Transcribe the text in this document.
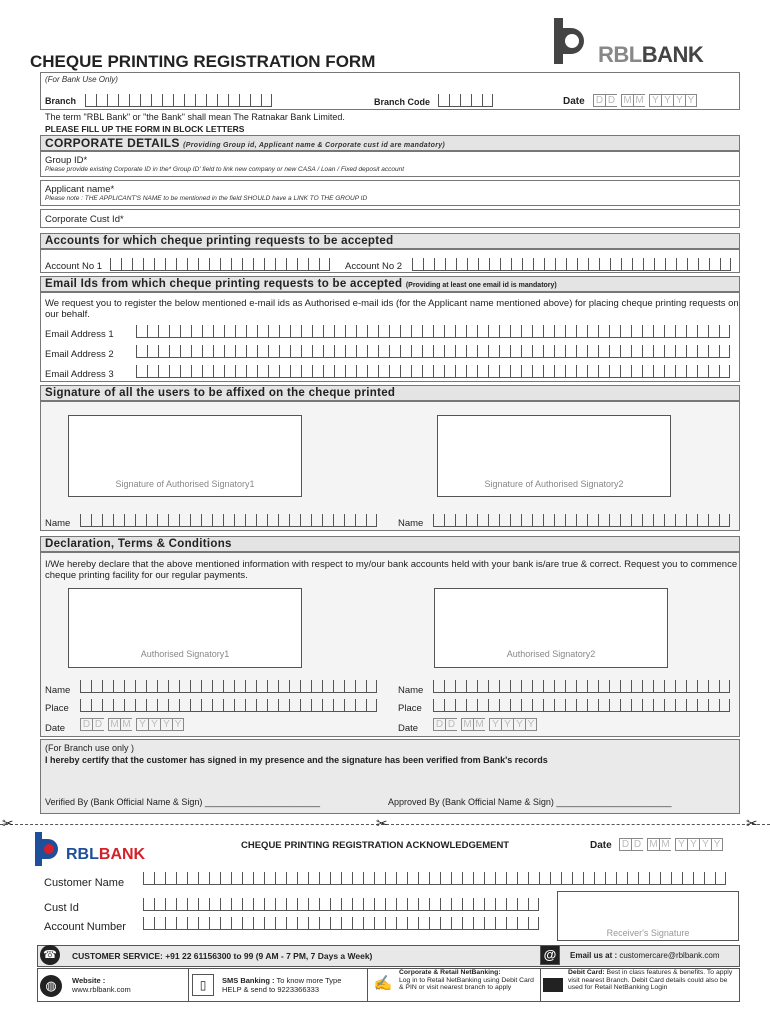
RBLBANK
CHEQUE PRINTING REGISTRATION FORM
(For Bank Use Only)
Branch	Branch Code	Date D D M M Y Y Y Y
The term "RBL Bank" or "the Bank" shall mean The Ratnakar Bank Limited.
PLEASE FILL UP THE FORM IN BLOCK LETTERS
CORPORATE DETAILS (Providing Group id, Applicant name & Corporate cust id are mandatory)
Group ID*
Please provide existing Corporate ID in the* Group ID' field to link new company or new CASA / Loan / Fixed deposit account
Applicant name*
Please note : THE APPLICANT'S NAME to be mentioned in the field SHOULD have a LINK TO THE GROUP ID
Corporate Cust Id*
Accounts for which cheque printing requests to be accepted
Account No 1	Account No 2
Email Ids from which cheque printing requests to be accepted (Providing at least one email id is mandatory)
We request you to register the below mentioned e-mail ids as Authorised e-mail ids (for the Applicant name mentioned above) for placing cheque printing requests on our behalf.
Email Address 1
Email Address 2
Email Address 3
Signature of all the users to be affixed on the cheque printed
Signature of Authorised Signatory1	Signature of Authorised Signatory2
Name	Name
Declaration, Terms & Conditions
I/We hereby declare that the above mentioned information with respect to my/our bank accounts held with your bank is/are true & correct. Request you to commence cheque printing facility for our regular payments.
Authorised Signatory1	Authorised Signatory2
Name
Place
Date D D M M Y Y Y Y
Name
Place
Date D D M M Y Y Y Y
(For Branch use only )
I hereby certify that the customer has signed in my presence and the signature has been verified from Bank's records
Verified By (Bank Official Name & Sign) _______________________	Approved By (Bank Official Name & Sign) _______________________
✂	✂	✂
RBLBANK
CHEQUE PRINTING REGISTRATION ACKNOWLEDGEMENT	Date D D M M Y Y Y Y
Customer Name
Cust Id
Account Number	Receiver's Signature
☎	CUSTOMER SERVICE: +91 22 61156300 to 99 (9 AM - 7 PM, 7 Days a Week)	@	Email us at : customercare@rblbank.com
◍	Website :
www.rblbank.com
SMS Banking : To know more Type HELP & send to 9223366333
▯	✍
Corporate & Retail NetBanking:
Log in to Retail NetBanking using Debit Card & PIN or visit nearest branch to apply
Debit Card: Best in class features & benefits. To apply visit nearest Branch. Debit Card details could also be used for Retail NetBanking Login
